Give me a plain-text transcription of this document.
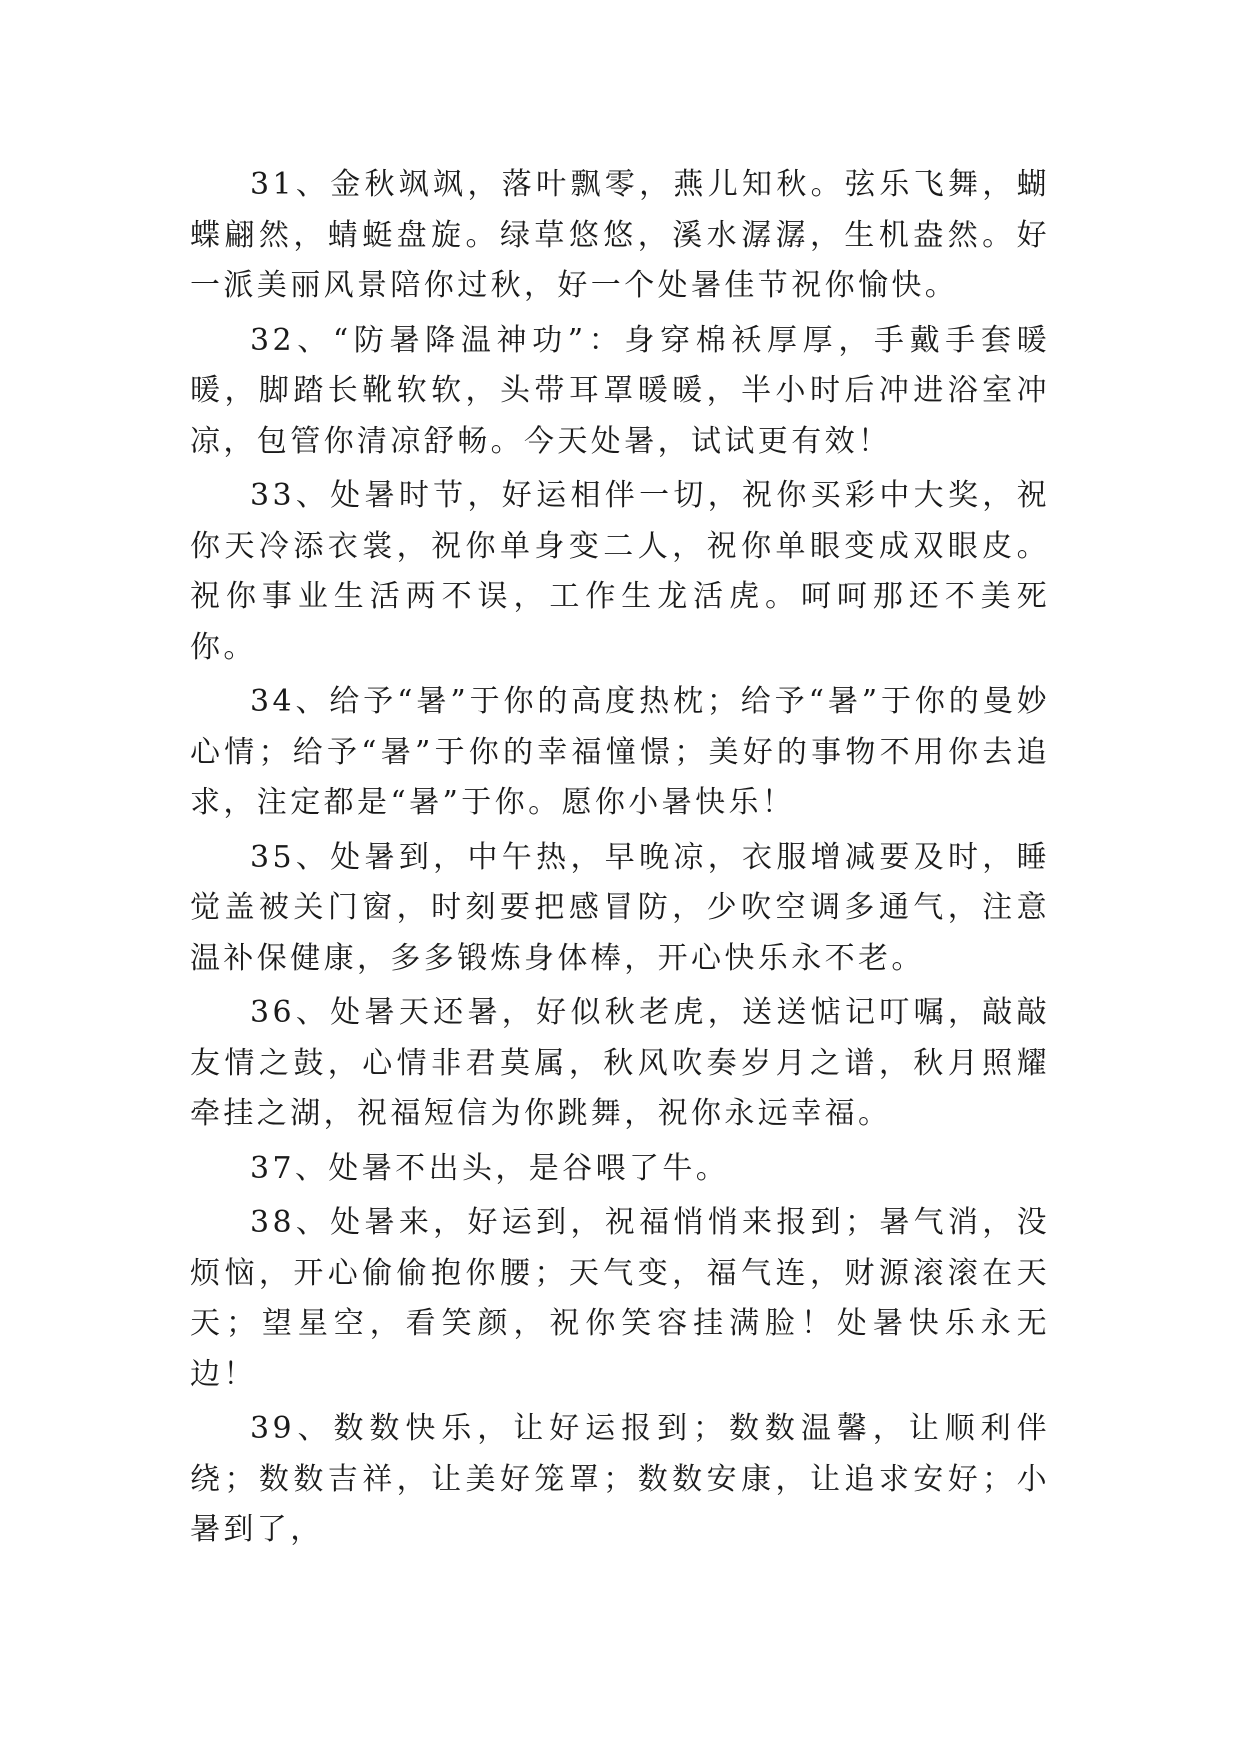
31、金秋飒飒，落叶飘零，燕儿知秋。弦乐飞舞，蝴蝶翩然，蜻蜓盘旋。绿草悠悠，溪水潺潺，生机盎然。好一派美丽风景陪你过秋，好一个处暑佳节祝你愉快。

32、“防暑降温神功”：身穿棉袄厚厚，手戴手套暖暖，脚踏长靴软软，头带耳罩暖暖，半小时后冲进浴室冲凉，包管你清凉舒畅。今天处暑，试试更有效！

33、处暑时节，好运相伴一切，祝你买彩中大奖，祝你天冷添衣裳，祝你单身变二人，祝你单眼变成双眼皮。祝你事业生活两不误，工作生龙活虎。呵呵那还不美死你。

34、给予“暑”于你的高度热枕；给予“暑”于你的曼妙心情；给予“暑”于你的幸福憧憬；美好的事物不用你去追求，注定都是“暑”于你。愿你小暑快乐！

35、处暑到，中午热，早晚凉，衣服增减要及时，睡觉盖被关门窗，时刻要把感冒防，少吹空调多通气，注意温补保健康，多多锻炼身体棒，开心快乐永不老。

36、处暑天还暑，好似秋老虎，送送惦记叮嘱，敲敲友情之鼓，心情非君莫属，秋风吹奏岁月之谱，秋月照耀牵挂之湖，祝福短信为你跳舞，祝你永远幸福。

37、处暑不出头，是谷喂了牛。

38、处暑来，好运到，祝福悄悄来报到；暑气消，没烦恼，开心偷偷抱你腰；天气变，福气连，财源滚滚在天天；望星空，看笑颜，祝你笑容挂满脸！处暑快乐永无边！

39、数数快乐，让好运报到；数数温馨，让顺利伴绕；数数吉祥，让美好笼罩；数数安康，让追求安好；小暑到了，
